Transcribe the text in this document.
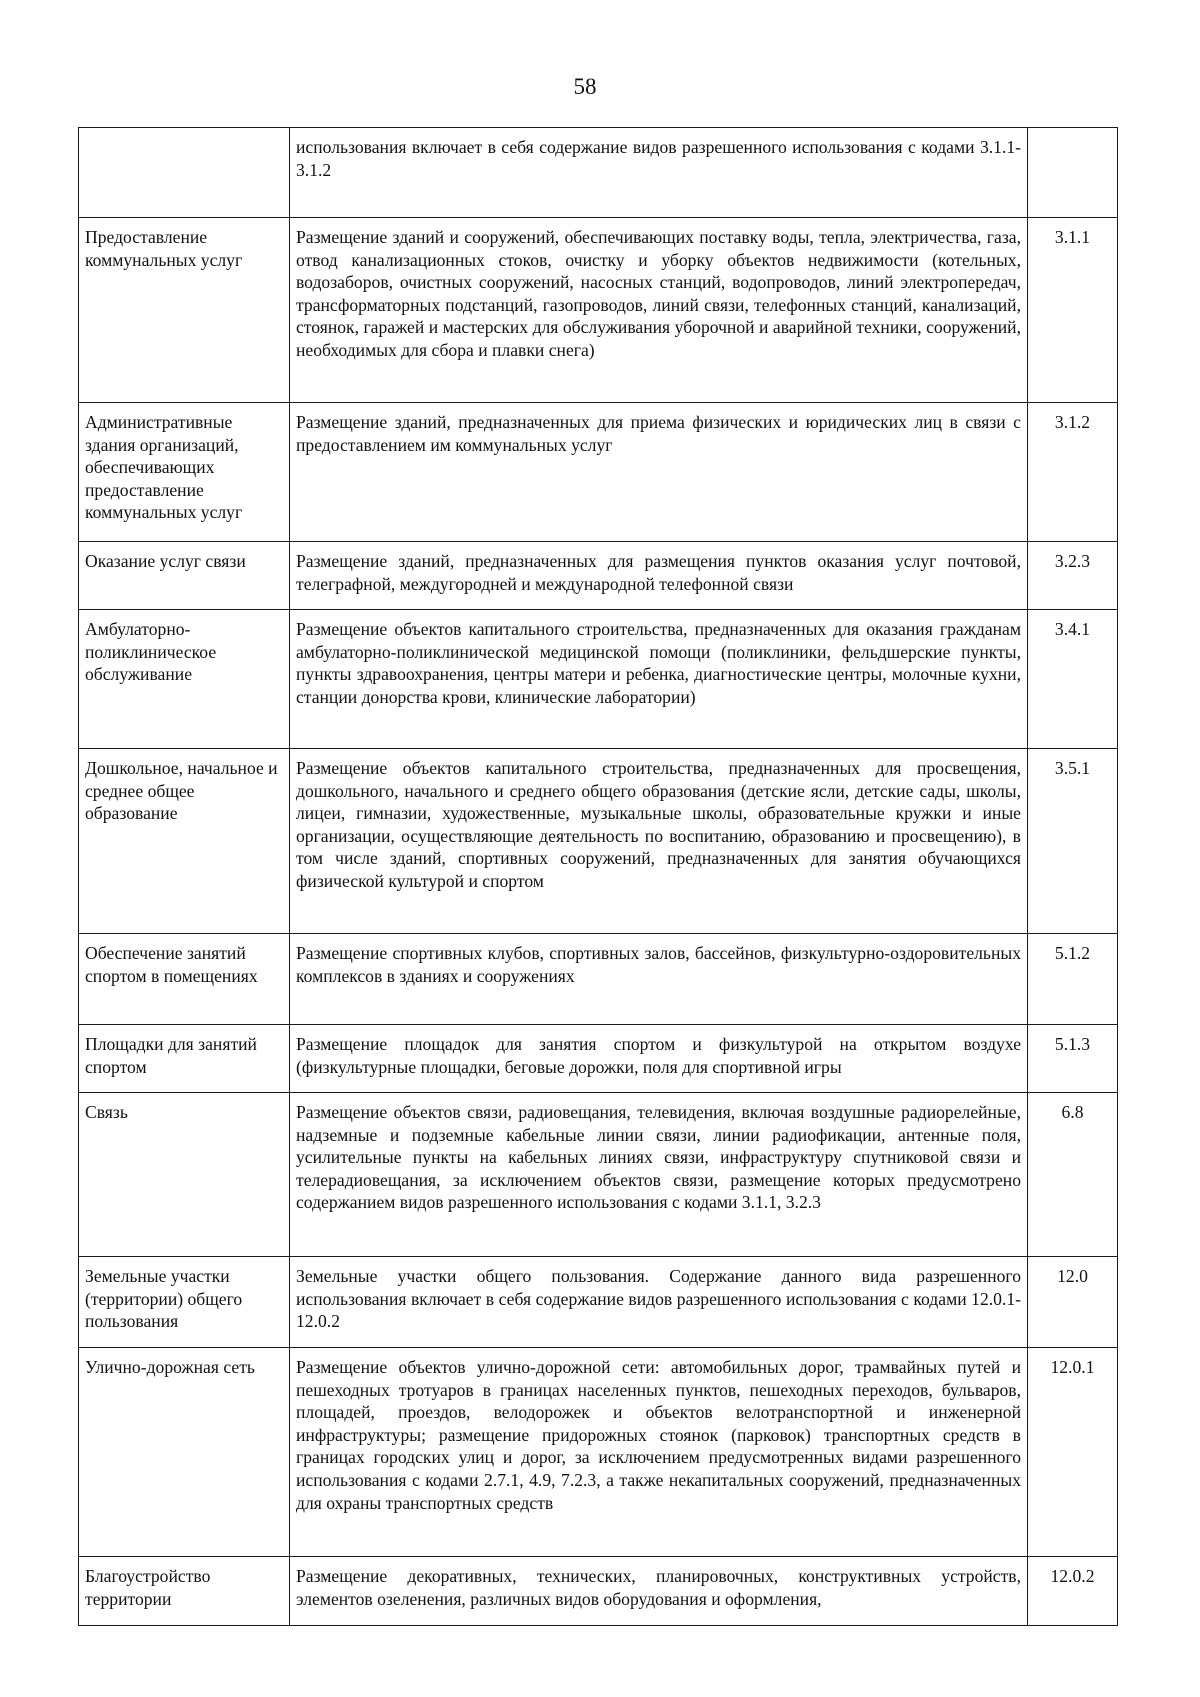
58
	использования включает в себя содержание видов разрешенного использования с кодами 3.1.1-3.1.2	
Предоставление коммунальных услуг	Размещение зданий и сооружений, обеспечивающих поставку воды, тепла, электричества, газа, отвод канализационных стоков, очистку и уборку объектов недвижимости (котельных, водозаборов, очистных сооружений, насосных станций, водопроводов, линий электропередач, трансформаторных подстанций, газопроводов, линий связи, телефонных станций, канализаций, стоянок, гаражей и мастерских для обслуживания уборочной и аварийной техники, сооружений, необходимых для сбора и плавки снега)	3.1.1
Административные здания организаций, обеспечивающих предоставление коммунальных услуг	Размещение зданий, предназначенных для приема физических и юридических лиц в связи с предоставлением им коммунальных услуг	3.1.2
Оказание услуг связи	Размещение зданий, предназначенных для размещения пунктов оказания услуг почтовой, телеграфной, междугородней и международной телефонной связи	3.2.3
Амбулаторно-поликлиническое обслуживание	Размещение объектов капитального строительства, предназначенных для оказания гражданам амбулаторно-поликлинической медицинской помощи (поликлиники, фельдшерские пункты, пункты здравоохранения, центры матери и ребенка, диагностические центры, молочные кухни, станции донорства крови, клинические лаборатории)	3.4.1
Дошкольное, начальное и среднее общее образование	Размещение объектов капитального строительства, предназначенных для просвещения, дошкольного, начального и среднего общего образования (детские ясли, детские сады, школы, лицеи, гимназии, художественные, музыкальные школы, образовательные кружки и иные организации, осуществляющие деятельность по воспитанию, образованию и просвещению), в том числе зданий, спортивных сооружений, предназначенных для занятия обучающихся физической культурой и спортом	3.5.1
Обеспечение занятий спортом в помещениях	Размещение спортивных клубов, спортивных залов, бассейнов, физкультурно-оздоровительных комплексов в зданиях и сооружениях	5.1.2
Площадки для занятий спортом	Размещение площадок для занятия спортом и физкультурой на открытом воздухе (физкультурные площадки, беговые дорожки, поля для спортивной игры	5.1.3
Связь	Размещение объектов связи, радиовещания, телевидения, включая воздушные радиорелейные, надземные и подземные кабельные линии связи, линии радиофикации, антенные поля, усилительные пункты на кабельных линиях связи, инфраструктуру спутниковой связи и телерадиовещания, за исключением объектов связи, размещение которых предусмотрено содержанием видов разрешенного использования с кодами 3.1.1, 3.2.3	6.8
Земельные участки (территории) общего пользования	Земельные участки общего пользования. Содержание данного вида разрешенного использования включает в себя содержание видов разрешенного использования с кодами 12.0.1-12.0.2	12.0
Улично-дорожная сеть	Размещение объектов улично-дорожной сети: автомобильных дорог, трамвайных путей и пешеходных тротуаров в границах населенных пунктов, пешеходных переходов, бульваров, площадей, проездов, велодорожек и объектов велотранспортной и инженерной инфраструктуры; размещение придорожных стоянок (парковок) транспортных средств в границах городских улиц и дорог, за исключением предусмотренных видами разрешенного использования с кодами 2.7.1, 4.9, 7.2.3, а также некапитальных сооружений, предназначенных для охраны транспортных средств	12.0.1
Благоустройство территории	Размещение декоративных, технических, планировочных, конструктивных устройств, элементов озеленения, различных видов оборудования и оформления,	12.0.2
